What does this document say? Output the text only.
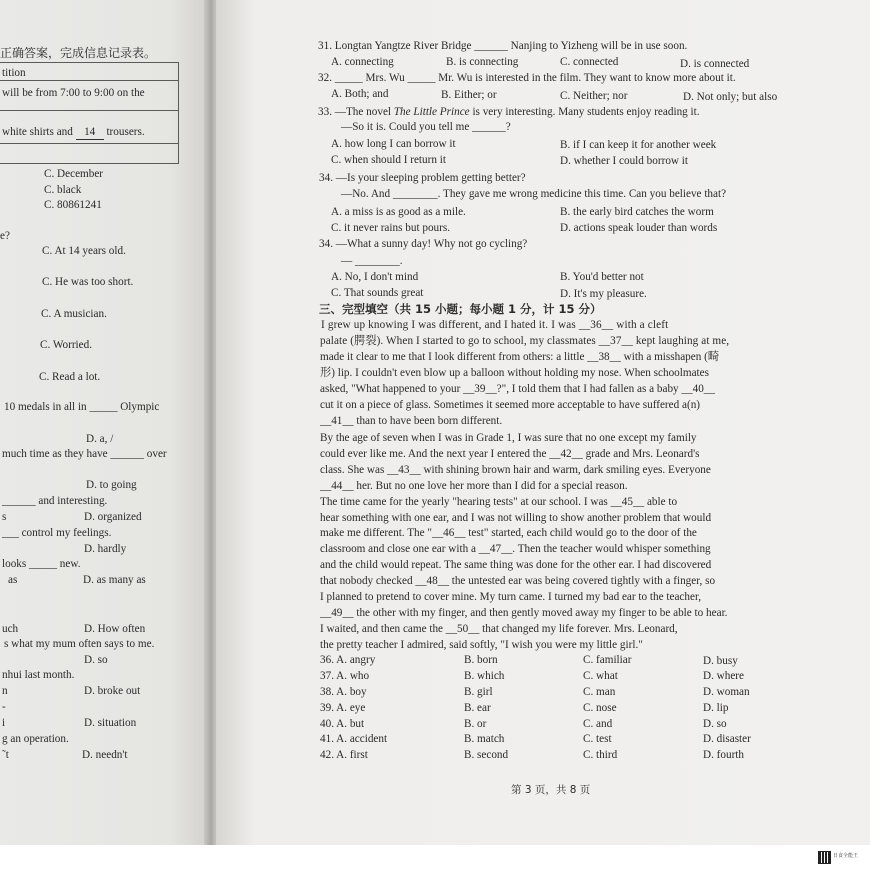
正确答案，完成信息记录表。
tition
will be from 7:00 to 9:00 on the
white shirts and 14 trousers.
C. December
C. black
C. 80861241
e?
C. At 14 years old.
C. He was too short.
C. A musician.
C. Worried.
C. Read a lot.
10 medals in all in _____ Olympic
D. a, /
much time as they have ______ over
D. to going
______ and interesting.
s	D. organized
___ control my feelings.
D. hardly
looks _____ new.
as	D. as many as
uch	D. How often
s what my mum often says to me.
D. so
nhui last month.
n	D. broke out
-
i	D. situation
g an operation.
˜t	D. needn't
31. Longtan Yangtze River Bridge ______ Nanjing to Yizheng will be in use soon.
A. connecting	B. is connecting	C. connected	D. is connected
32. _____ Mrs. Wu _____ Mr. Wu is interested in the film. They want to know more about it.
A. Both; and	B. Either; or	C. Neither; nor	D. Not only; but also
33. —The novel The Little Prince is very interesting. Many students enjoy reading it.
—So it is. Could you tell me ______?
A. how long I can borrow it	B. if I can keep it for another week
C. when should I return it	D. whether I could borrow it
34. —Is your sleeping problem getting better?
—No. And ________. They gave me wrong medicine this time. Can you believe that?
A. a miss is as good as a mile.	B. the early bird catches the worm
C. it never rains but pours.	D. actions speak louder than words
34. —What a sunny day! Why not go cycling?
— ________.
A. No, I don't mind	B. You'd better not
C. That sounds great	D. It's my pleasure.
三、完型填空（共 15 小题；每小题 1 分，计 15 分）
I grew up knowing I was different, and I hated it. I was __36__ with a cleft
palate (腭裂). When I started to go to school, my classmates __37__ kept laughing at me,
made it clear to me that I look different from others: a little __38__ with a misshapen (畸
形) lip. I couldn't even blow up a balloon without holding my nose. When schoolmates
asked, "What happened to your __39__?", I told them that I had fallen as a baby __40__
cut it on a piece of glass. Sometimes it seemed more acceptable to have suffered a(n)
__41__ than to have been born different.
By the age of seven when I was in Grade 1, I was sure that no one except my family
could ever like me. And the next year I entered the __42__ grade and Mrs. Leonard's
class. She was __43__ with shining brown hair and warm, dark smiling eyes. Everyone
__44__ her. But no one love her more than I did for a special reason.
The time came for the yearly "hearing tests" at our school. I was __45__ able to
hear something with one ear, and I was not willing to show another problem that would
make me different. The "__46__ test" started, each child would go to the door of the
classroom and close one ear with a __47__. Then the teacher would whisper something
and the child would repeat. The same thing was done for the other ear. I had discovered
that nobody checked __48__ the untested ear was being covered tightly with a finger, so
I planned to pretend to cover mine. My turn came. I turned my bad ear to the teacher,
__49__ the other with my finger, and then gently moved away my finger to be able to hear.
I waited, and then came the __50__ that changed my life forever. Mrs. Leonard,
the pretty teacher I admired, said softly, "I wish you were my little girl."
36. A. angry	B. born	C. familiar	D. busy
37. A. who	B. which	C. what	D. where
38. A. boy	B. girl	C. man	D. woman
39. A. eye	B. ear	C. nose	D. lip
40. A. but	B. or	C. and	D. so
41. A. accident	B. match	C. test	D. disaster
42. A. first	B. second	C. third	D. fourth
第 3 页，共 8 页
日食全能王
